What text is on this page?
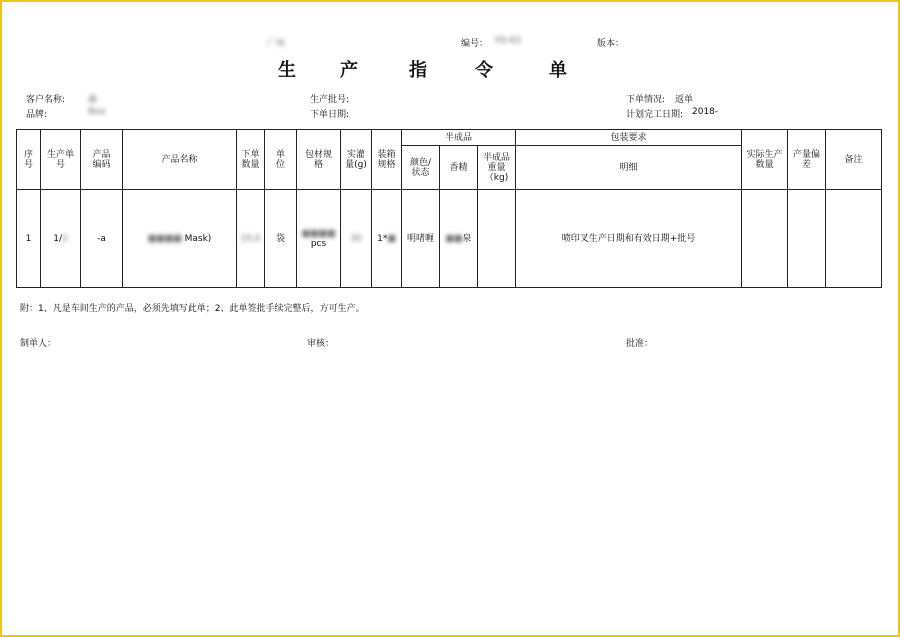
广州	编号： YD-63	版本：
生 产	指	令	单
客户名称:	鑫
品牌:	Bea
生产批号:
下单日期:
下单情况: 返单
计划完工日期: 2018-
序号	生产单号	产品编码	产品名称	下单数量	单位	包材规格	实灌量(g)	装箱规格	半成品			包装要求	实际生产数量	产量偏差	备注

									颜色/状态	香精	半成品重量（kg)	明细			
1	1/2	-a	■■■■ Mask)	15,0	袋	■■■■
pcs	30	1*■	明啫喱	■■泉		喷印叉生产日期和有效日期+批号			
附：1、凡是车间生产的产品，必须先填写此单；2、此单签批手续完整后，方可生产。
制单人：	审核：	批准：
